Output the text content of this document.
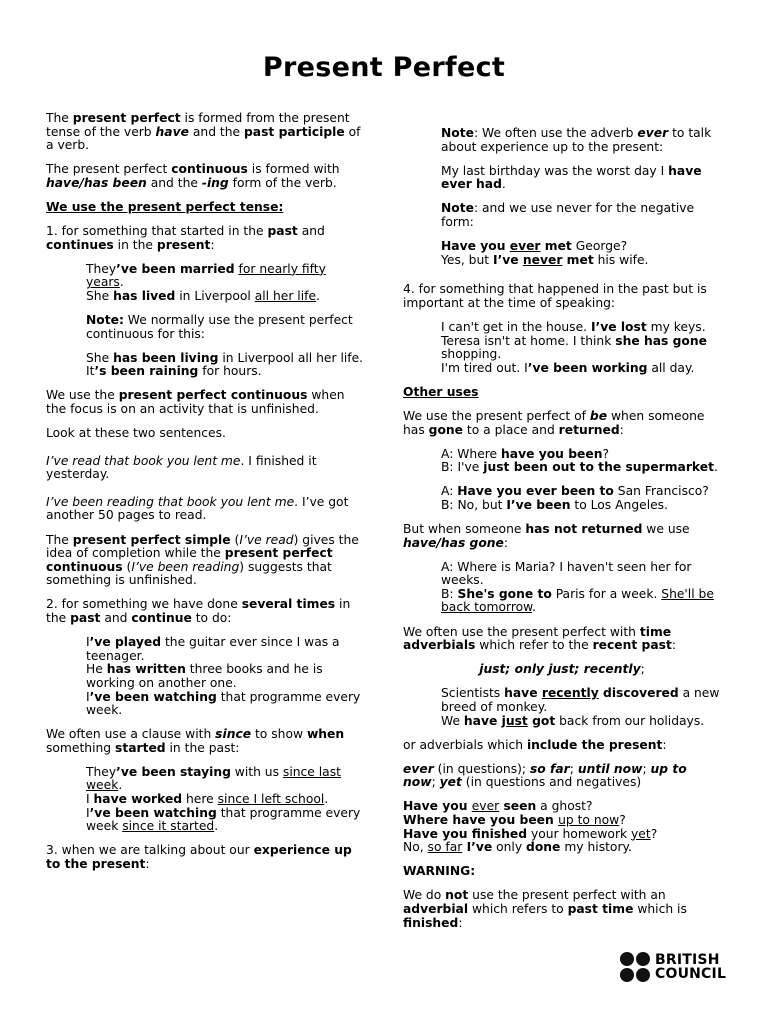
Present Perfect

The present perfect is formed from the present tense of the verb have and the past participle of a verb.

The present perfect continuous is formed with have/has been and the -ing form of the verb.

We use the present perfect tense:

1. for something that started in the past and continues in the present:

They’ve been married for nearly fifty years.
She has lived in Liverpool all her life.

Note: We normally use the present perfect continuous for this:

She has been living in Liverpool all her life.
It’s been raining for hours.

We use the present perfect continuous when the focus is on an activity that is unfinished.

Look at these two sentences.

I’ve read that book you lent me. I finished it yesterday.

I’ve been reading that book you lent me. I’ve got another 50 pages to read.

The present perfect simple (I’ve read) gives the idea of completion while the present perfect continuous (I’ve been reading) suggests that something is unfinished.

2. for something we have done several times in the past and continue to do:

I’ve played the guitar ever since I was a teenager.
He has written three books and he is working on another one.
I’ve been watching that programme every week.

We often use a clause with since to show when something started in the past:

They’ve been staying with us since last week.
I have worked here since I left school.
I’ve been watching that programme every week since it started.

3. when we are talking about our experience up to the present:

Note: We often use the adverb ever to talk about experience up to the present:

My last birthday was the worst day I have ever had.

Note: and we use never for the negative form:

Have you ever met George?
Yes, but I’ve never met his wife.

4. for something that happened in the past but is important at the time of speaking:

I can't get in the house. I’ve lost my keys.
Teresa isn't at home. I think she has gone shopping.
I'm tired out. I’ve been working all day.

Other uses

We use the present perfect of be when someone has gone to a place and returned:

A: Where have you been?
B: I've just been out to the supermarket.

A: Have you ever been to San Francisco?
B: No, but I’ve been to Los Angeles.

But when someone has not returned we use have/has gone:

A: Where is Maria? I haven't seen her for weeks.
B: She's gone to Paris for a week. She'll be back tomorrow.

We often use the present perfect with time adverbials which refer to the recent past:

just; only just; recently;

Scientists have recently discovered a new breed of monkey.
We have just got back from our holidays.

or adverbials which include the present:

ever (in questions); so far; until now; up to now; yet (in questions and negatives)

Have you ever seen a ghost?
Where have you been up to now?
Have you finished your homework yet?
No, so far I’ve only done my history.

WARNING:

We do not use the present perfect with an adverbial which refers to past time which is finished:

BRITISH
COUNCIL
